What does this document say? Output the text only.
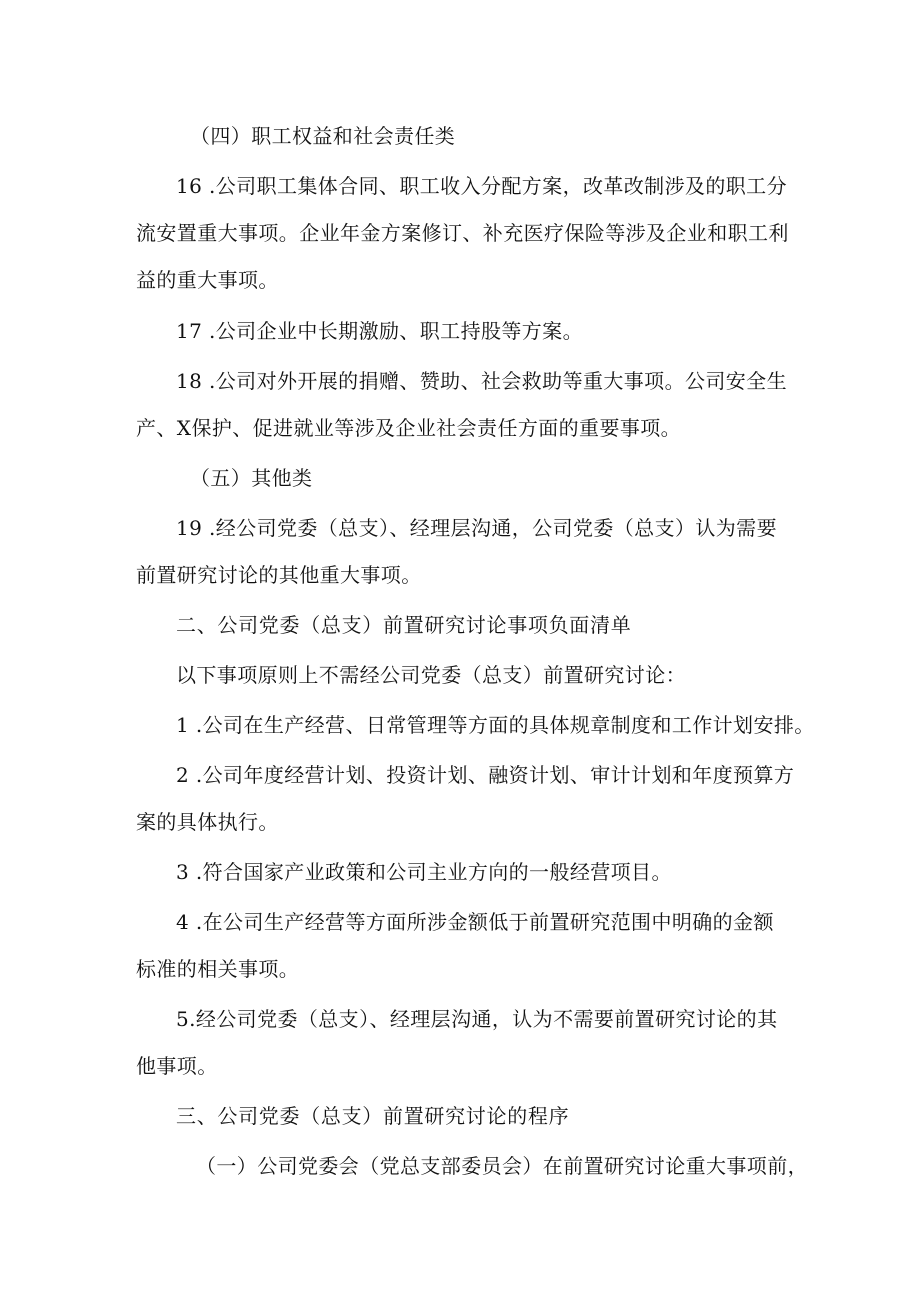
（四）职工权益和社会责任类
16 .公司职工集体合同、职工收入分配方案，改革改制涉及的职工分
流安置重大事项。企业年金方案修订、补充医疗保险等涉及企业和职工利
益的重大事项。
17 .公司企业中长期激励、职工持股等方案。
18 .公司对外开展的捐赠、赞助、社会救助等重大事项。公司安全生
产、X保护、促进就业等涉及企业社会责任方面的重要事项。
（五）其他类
19 .经公司党委（总支）、经理层沟通，公司党委（总支）认为需要
前置研究讨论的其他重大事项。
二、公司党委（总支）前置研究讨论事项负面清单
以下事项原则上不需经公司党委（总支）前置研究讨论：
1 .公司在生产经营、日常管理等方面的具体规章制度和工作计划安排。
2 .公司年度经营计划、投资计划、融资计划、审计计划和年度预算方
案的具体执行。
3 .符合国家产业政策和公司主业方向的一般经营项目。
4 .在公司生产经营等方面所涉金额低于前置研究范围中明确的金额
标准的相关事项。
5.经公司党委（总支）、经理层沟通，认为不需要前置研究讨论的其
他事项。
三、公司党委（总支）前置研究讨论的程序
（一）公司党委会（党总支部委员会）在前置研究讨论重大事项前，
